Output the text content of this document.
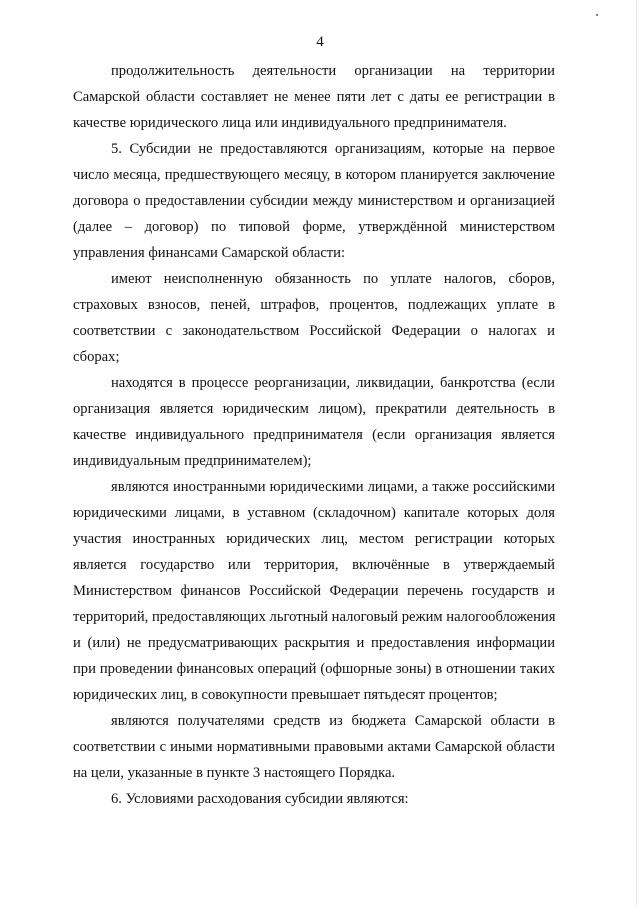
4
продолжительность деятельности организации на территории
Самарской области составляет не менее пяти лет с даты ее регистрации в
качестве юридического лица или индивидуального предпринимателя.
5. Субсидии не предоставляются организациям, которые на первое
число месяца, предшествующего месяцу, в котором планируется заключение
договора о предоставлении субсидии между министерством и организацией
(далее – договор) по типовой форме, утверждённой министерством
управления финансами Самарской области:
имеют неисполненную обязанность по уплате налогов, сборов,
страховых взносов, пеней, штрафов, процентов, подлежащих уплате в
соответствии с законодательством Российской Федерации о налогах и
сборах;
находятся в процессе реорганизации, ликвидации, банкротства (если
организация является юридическим лицом), прекратили деятельность в
качестве индивидуального предпринимателя (если организация является
индивидуальным предпринимателем);
являются иностранными юридическими лицами, а также российскими
юридическими лицами, в уставном (складочном) капитале которых доля
участия иностранных юридических лиц, местом регистрации которых
является государство или территория, включённые в утверждаемый
Министерством финансов Российской Федерации перечень государств и
территорий, предоставляющих льготный налоговый режим налогообложения
и (или) не предусматривающих раскрытия и предоставления информации
при проведении финансовых операций (офшорные зоны) в отношении таких
юридических лиц, в совокупности превышает пятьдесят процентов;
являются получателями средств из бюджета Самарской области в
соответствии с иными нормативными правовыми актами Самарской области
на цели, указанные в пункте 3 настоящего Порядка.
6. Условиями расходования субсидии являются:
